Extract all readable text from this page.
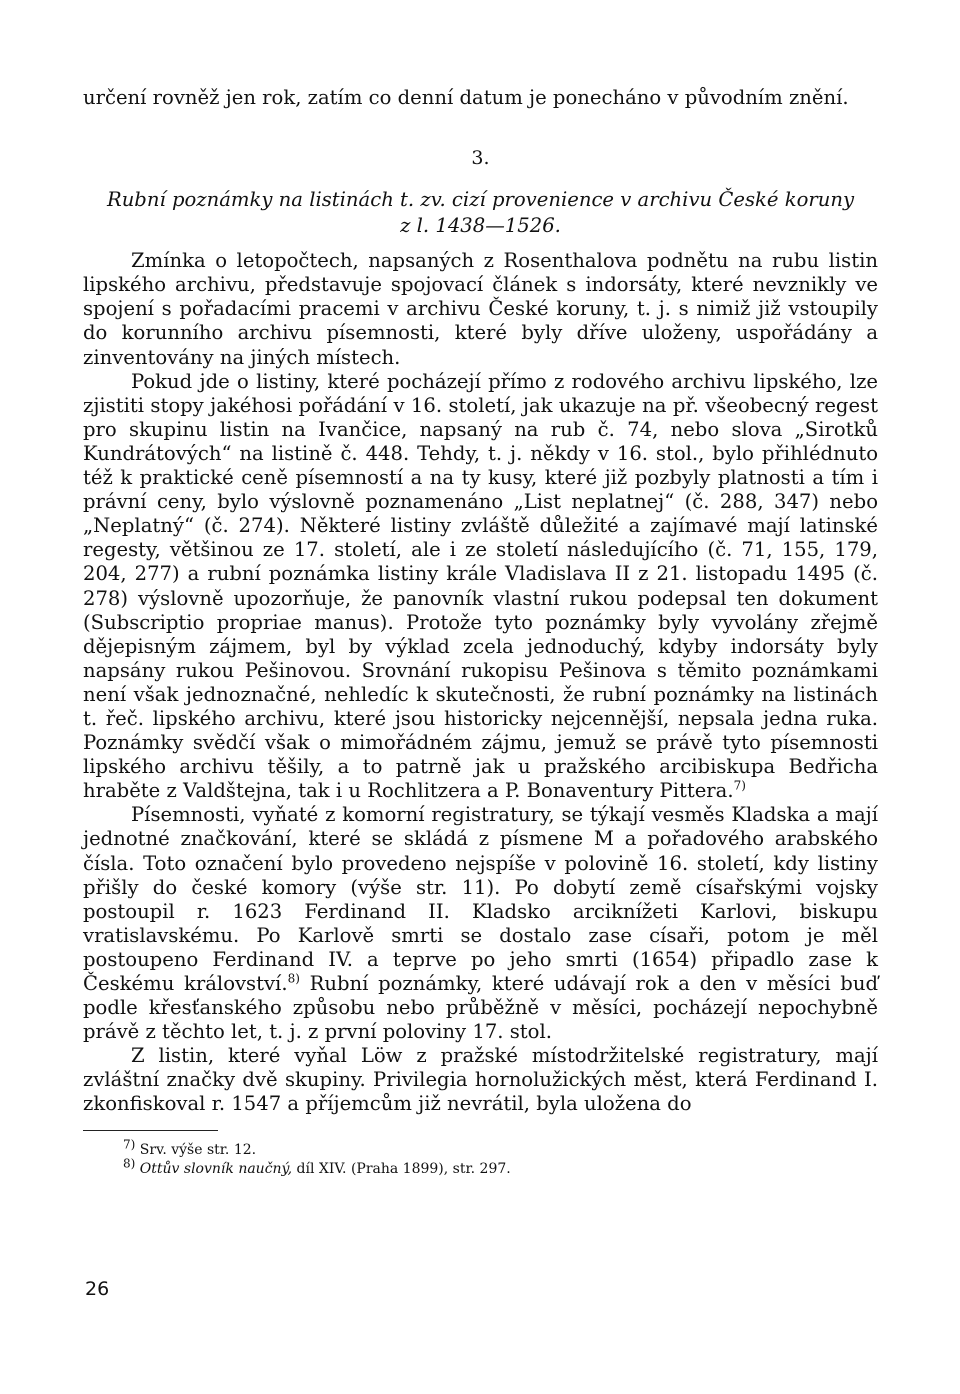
určení rovněž jen rok, zatím co denní datum je ponecháno v původním znění.

3.

Rubní poznámky na listinách t. zv. cizí provenience v archivu České koruny
z l. 1438—1526.

Zmínka o letopočtech, napsaných z Rosenthalova podnětu na rubu listin lipského archivu, představuje spojovací článek s indorsáty, které nevznikly ve spojení s pořadacími pracemi v archivu České koruny, t. j. s nimiž již vstoupily do korunního archivu písemnosti, které byly dříve uloženy, uspořádány a zinventovány na jiných místech.

Pokud jde o listiny, které pocházejí přímo z rodového archivu lipského, lze zjistiti stopy jakéhosi pořádání v 16. století, jak ukazuje na př. všeobecný regest pro skupinu listin na Ivančice, napsaný na rub č. 74, nebo slova „Sirotků Kundrátových“ na listině č. 448. Tehdy, t. j. někdy v 16. stol., bylo přihlédnuto též k praktické ceně písemností a na ty kusy, které již pozbyly platnosti a tím i právní ceny, bylo výslovně poznamenáno „List neplatnej“ (č. 288, 347) nebo „Neplatný“ (č. 274). Některé listiny zvláště důležité a zajímavé mají latinské regesty, většinou ze 17. století, ale i ze století následujícího (č. 71, 155, 179, 204, 277) a rubní poznámka listiny krále Vladislava II z 21. listopadu 1495 (č. 278) výslovně upozorňuje, že panovník vlastní rukou podepsal ten dokument (Subscriptio propriae manus). Protože tyto poznámky byly vyvolány zřejmě dějepisným zájmem, byl by výklad zcela jednoduchý, kdyby indorsáty byly napsány rukou Pešinovou. Srovnání rukopisu Pešinova s těmito poznámkami není však jednoznačné, nehledíc k skutečnosti, že rubní poznámky na listinách t. řeč. lipského archivu, které jsou historicky nejcennější, nepsala jedna ruka. Poznámky svědčí však o mimořádném zájmu, jemuž se právě tyto písemnosti lipského archivu těšily, a to patrně jak u pražského arcibiskupa Bedřicha hraběte z Valdštejna, tak i u Rochlitzera a P. Bonaventury Pittera.$^{7)}$

Písemnosti, vyňaté z komorní registratury, se týkají vesměs Kladska a mají jednotné značkování, které se skládá z písmene M a pořadového arabského čísla. Toto označení bylo provedeno nejspíše v polovině 16. století, kdy listiny přišly do české komory (výše str. 11). Po dobytí země císařskými vojsky postoupil r. 1623 Ferdinand II. Kladsko arciknížeti Karlovi, biskupu vratislavskému. Po Karlově smrti se dostalo zase císaři, potom je měl postoupeno Ferdinand IV. a teprve po jeho smrti (1654) připadlo zase k Českému království.$^{8)}$ Rubní poznámky, které udávají rok a den v měsíci buď podle křesťanského způsobu nebo průběžně v měsíci, pocházejí nepochybně právě z těchto let, t. j. z první poloviny 17. stol.

Z listin, které vyňal Löw z pražské místodržitelské registratury, mají zvláštní značky dvě skupiny. Privilegia hornolužických měst, která Ferdinand I. zkonfiskoval r. 1547 a příjemcům již nevrátil, byla uložena do

$^{7)}$ Srv. výše str. 12.
$^{8)}$ Ottův slovník naučný, díl XIV. (Praha 1899), str. 297.
26
